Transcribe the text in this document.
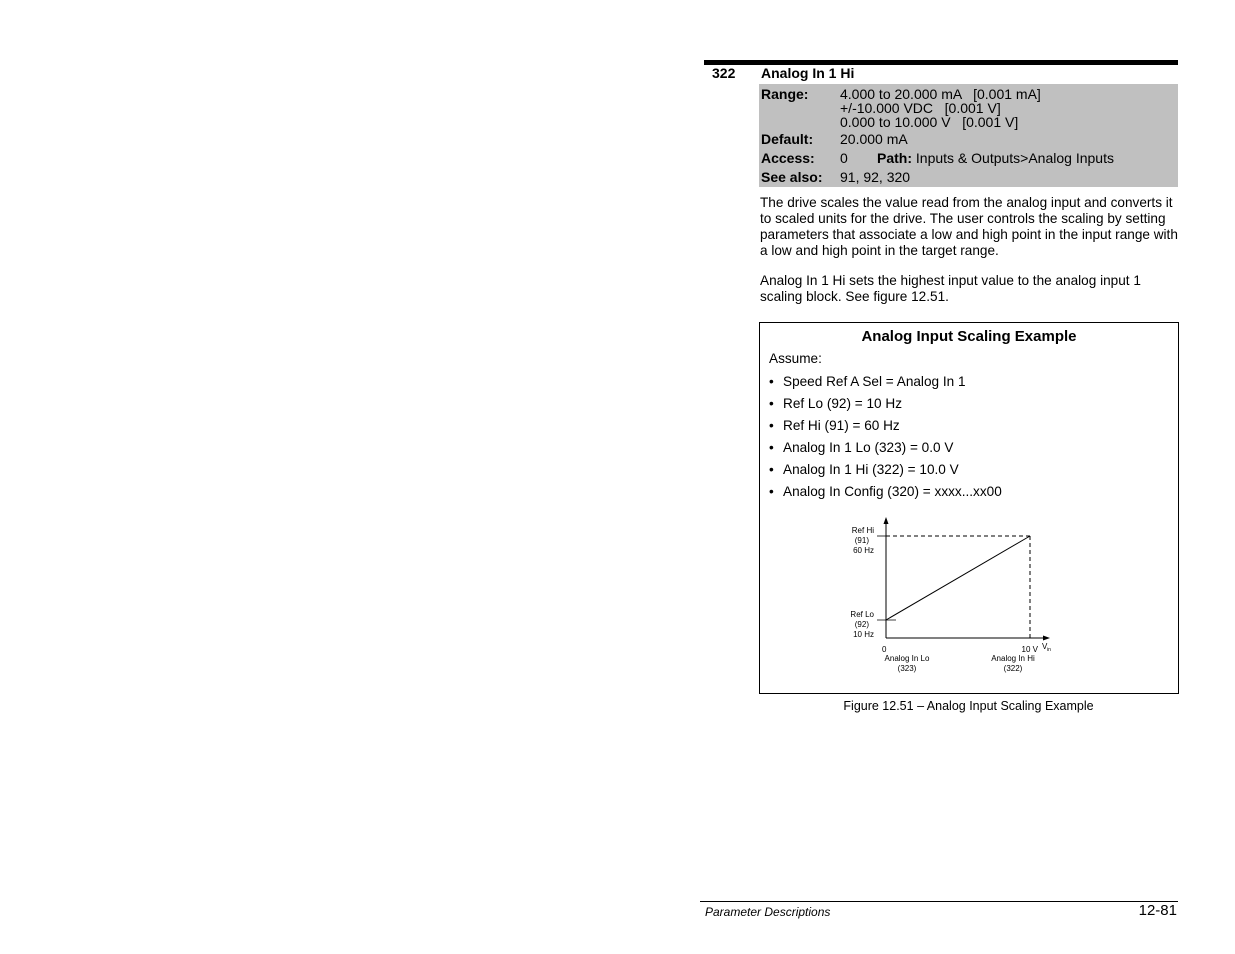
322 Analog In 1 Hi
Range: 4.000 to 20.000 mA   [0.001 mA]
+/-10.000 VDC   [0.001 V]
0.000 to 10.000 V   [0.001 V]
Default: 20.000 mA
Access: 0 Path: Inputs & Outputs>Analog Inputs
See also: 91, 92, 320
The drive scales the value read from the analog input and converts it to scaled units for the drive. The user controls the scaling by setting parameters that associate a low and high point in the input range with a low and high point in the target range.
Analog In 1 Hi sets the highest input value to the analog input 1 scaling block. See figure 12.51.
Analog Input Scaling Example
Assume:
• Speed Ref A Sel = Analog In 1
• Ref Lo (92) = 10 Hz
• Ref Hi (91) = 60 Hz
• Analog In 1 Lo (323) = 0.0 V
• Analog In 1 Hi (322) = 10.0 V
• Analog In Config (320) = xxxx...xx00
Ref Hi
(91)
60 Hz
Ref Lo
(92)
10 Hz
0	10 V V in
Analog In Lo
(323)
Analog In Hi
(322)
Figure 12.51 – Analog Input Scaling Example
Parameter Descriptions	12-81
